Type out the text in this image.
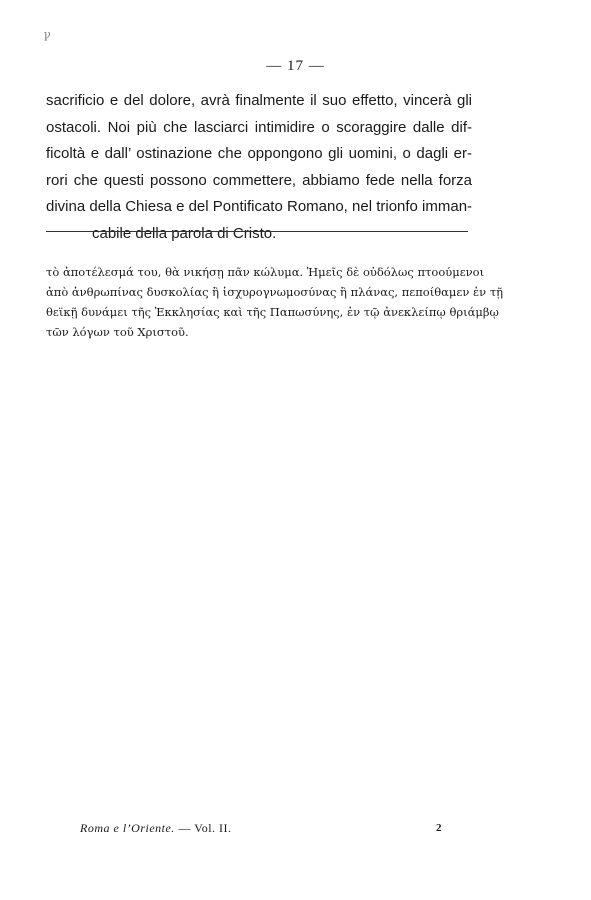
ꝩ
— 17 —

sacrificio e del dolore, avrà finalmente il suo effetto, vincerà gli
ostacoli. Noi più che lasciarci intimidire o scoraggire dalle dif-
ficoltà e dall’ ostinazione che oppongono gli uomini, o dagli er-
rori che questi possono commettere, abbiamo fede nella forza
divina della Chiesa e del Pontificato Romano, nel trionfo imman-
cabile della parola di Cristo.

τὸ ἀποτέλεσμά του, θὰ νικήσῃ πᾶν κώλυμα. Ἡμεῖς δὲ οὐδόλως πτοούμενοι
ἀπὸ ἀνθρωπίνας δυσκολίας ἢ ἰσχυρογνωμοσύνας ἢ πλάνας, πεποίθαμεν ἐν τῇ
θεϊκῇ δυνάμει τῆς Ἐκκλησίας καὶ τῆς Παπωσύνης, ἐν τῷ ἀνεκλείπῳ θριάμβῳ
τῶν λόγων τοῦ Χριστοῦ.

Roma e l’Oriente. — Vol. II.	2
